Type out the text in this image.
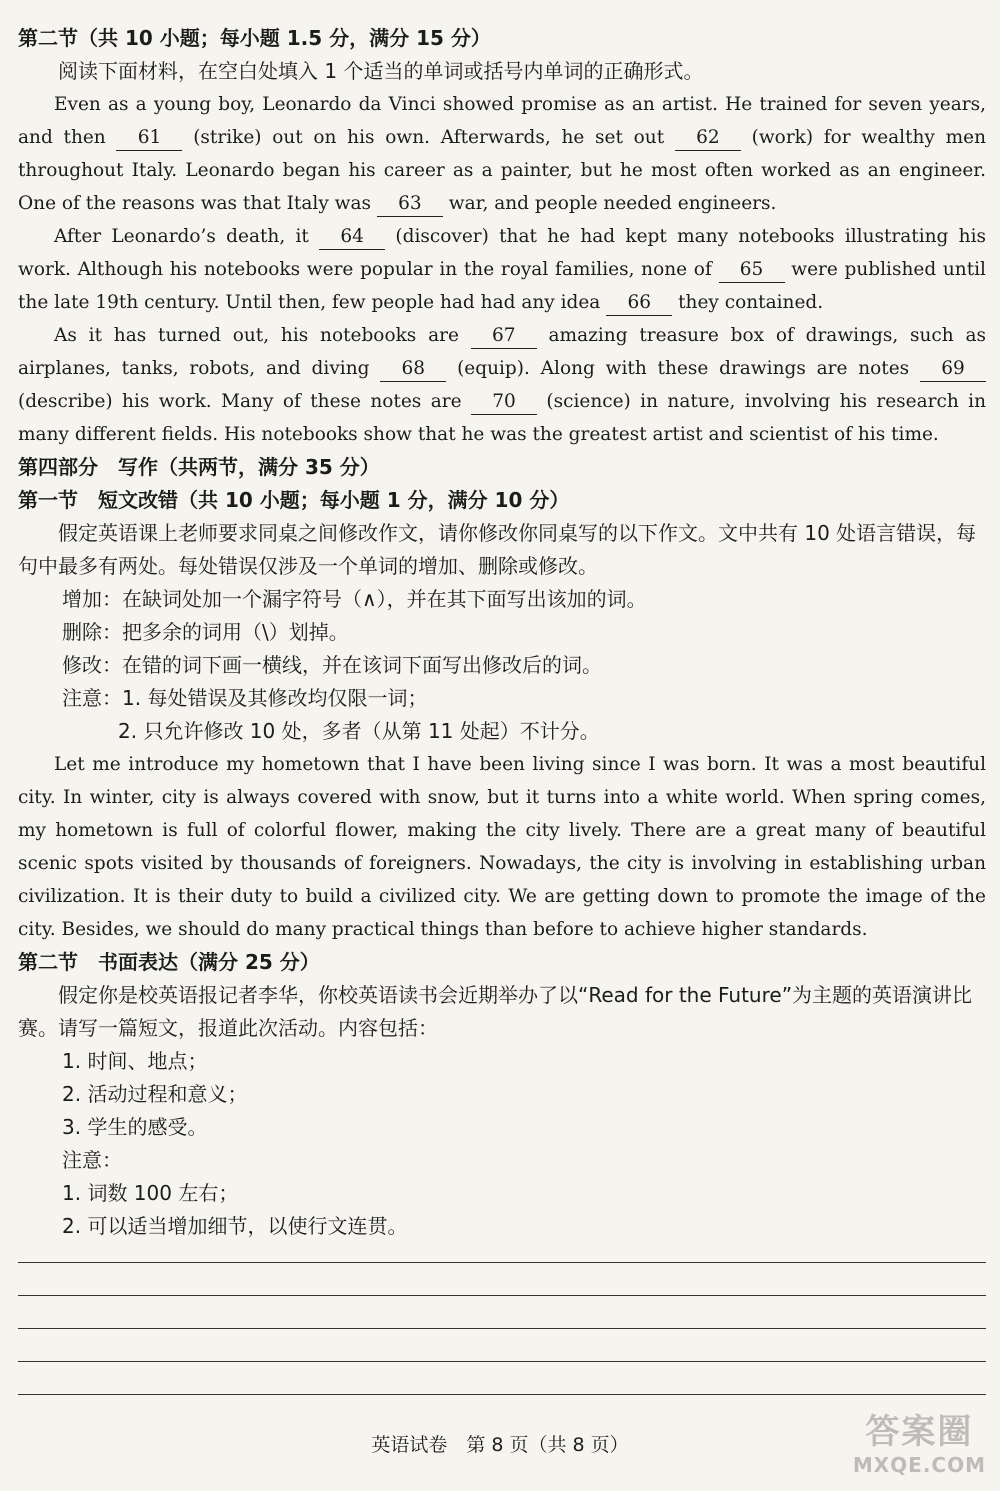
第二节（共 10 小题；每小题 1.5 分，满分 15 分）

阅读下面材料，在空白处填入 1 个适当的单词或括号内单词的正确形式。

Even as a young boy, Leonardo da Vinci showed promise as an artist. He trained for seven years, and then 61 (strike) out on his own. Afterwards, he set out 62 (work) for wealthy men throughout Italy. Leonardo began his career as a painter, but he most often worked as an engineer. One of the reasons was that Italy was 63 war, and people needed engineers.

After Leonardo’s death, it 64 (discover) that he had kept many notebooks illustrating his work. Although his notebooks were popular in the royal families, none of 65 were published until the late 19th century. Until then, few people had had any idea 66 they contained.

As it has turned out, his notebooks are 67 amazing treasure box of drawings, such as airplanes, tanks, robots, and diving 68 (equip). Along with these drawings are notes 69 (describe) his work. Many of these notes are 70 (science) in nature, involving his research in many different fields. His notebooks show that he was the greatest artist and scientist of his time.

第四部分　写作（共两节，满分 35 分）
第一节　短文改错（共 10 小题；每小题 1 分，满分 10 分）

假定英语课上老师要求同桌之间修改作文，请你修改你同桌写的以下作文。文中共有 10 处语言错误，每句中最多有两处。每处错误仅涉及一个单词的增加、删除或修改。

增加：在缺词处加一个漏字符号（∧），并在其下面写出该加的词。

删除：把多余的词用（\）划掉。

修改：在错的词下画一横线，并在该词下面写出修改后的词。

注意：1. 每处错误及其修改均仅限一词；

2. 只允许修改 10 处，多者（从第 11 处起）不计分。

Let me introduce my hometown that I have been living since I was born. It was a most beautiful city. In winter, city is always covered with snow, but it turns into a white world. When spring comes, my hometown is full of colorful flower, making the city lively. There are a great many of beautiful scenic spots visited by thousands of foreigners. Nowadays, the city is involving in establishing urban civilization. It is their duty to build a civilized city. We are getting down to promote the image of the city. Besides, we should do many practical things than before to achieve higher standards.

第二节　书面表达（满分 25 分）

假定你是校英语报记者李华，你校英语读书会近期举办了以“Read for the Future”为主题的英语演讲比赛。请写一篇短文，报道此次活动。内容包括：

1. 时间、地点；

2. 活动过程和意义；

3. 学生的感受。

注意：

1. 词数 100 左右；

2. 可以适当增加细节，以使行文连贯。

英语试卷　第 8 页（共 8 页）	答案圈
MXQE.COM
